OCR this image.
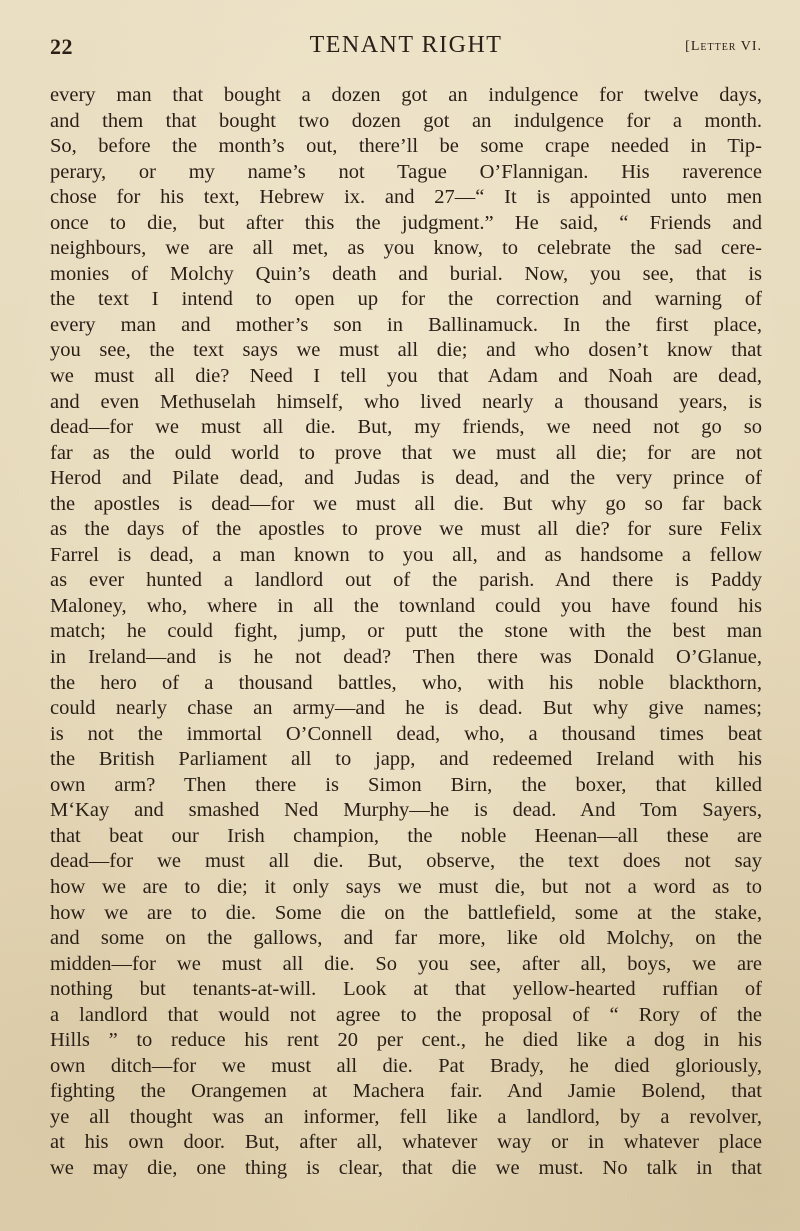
22	TENANT RIGHT	[Letter VI.
every man that bought a dozen got an indulgence for twelve days,
and them that bought two dozen got an indulgence for a month.
So, before the month’s out, there’ll be some crape needed in Tip-
perary, or my name’s not Tague O’Flannigan. His raverence
chose for his text, Hebrew ix. and 27—“ It is appointed unto men
once to die, but after this the judgment.” He said, “ Friends and
neighbours, we are all met, as you know, to celebrate the sad cere-
monies of Molchy Quin’s death and burial. Now, you see, that is
the text I intend to open up for the correction and warning of
every man and mother’s son in Ballinamuck. In the first place,
you see, the text says we must all die; and who dosen’t know that
we must all die? Need I tell you that Adam and Noah are dead,
and even Methuselah himself, who lived nearly a thousand years, is
dead—for we must all die. But, my friends, we need not go so
far as the ould world to prove that we must all die; for are not
Herod and Pilate dead, and Judas is dead, and the very prince of
the apostles is dead—for we must all die. But why go so far back
as the days of the apostles to prove we must all die? for sure Felix
Farrel is dead, a man known to you all, and as handsome a fellow
as ever hunted a landlord out of the parish. And there is Paddy
Maloney, who, where in all the townland could you have found his
match; he could fight, jump, or putt the stone with the best man
in Ireland—and is he not dead? Then there was Donald O’Glanue,
the hero of a thousand battles, who, with his noble blackthorn,
could nearly chase an army—and he is dead. But why give names;
is not the immortal O’Connell dead, who, a thousand times beat
the British Parliament all to japp, and redeemed Ireland with his
own arm? Then there is Simon Birn, the boxer, that killed
M‘Kay and smashed Ned Murphy—he is dead. And Tom Sayers,
that beat our Irish champion, the noble Heenan—all these are
dead—for we must all die. But, observe, the text does not say
how we are to die; it only says we must die, but not a word as to
how we are to die. Some die on the battlefield, some at the stake,
and some on the gallows, and far more, like old Molchy, on the
midden—for we must all die. So you see, after all, boys, we are
nothing but tenants-at-will. Look at that yellow-hearted ruffian of
a landlord that would not agree to the proposal of “ Rory of the
Hills ” to reduce his rent 20 per cent., he died like a dog in his
own ditch—for we must all die. Pat Brady, he died gloriously,
fighting the Orangemen at Machera fair. And Jamie Bolend, that
ye all thought was an informer, fell like a landlord, by a revolver,
at his own door. But, after all, whatever way or in whatever place
we may die, one thing is clear, that die we must. No talk in that
